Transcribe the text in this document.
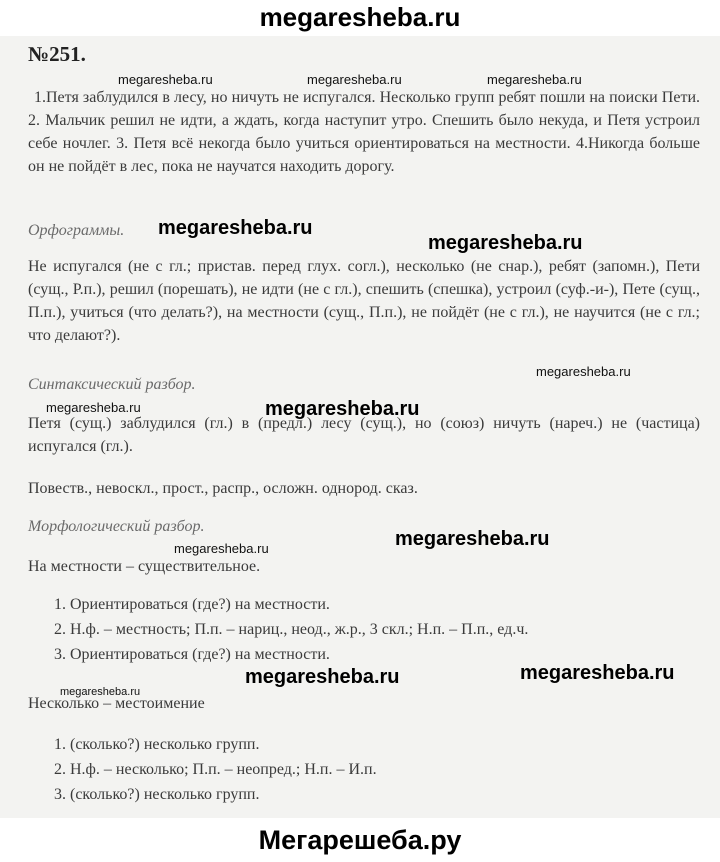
megaresheba.ru
№251.
1.Петя заблудился в лесу, но ничуть не испугался. Несколько групп ребят пошли на поиски Пети. 2. Мальчик решил не идти, а ждать, когда наступит утро. Спешить было некуда, и Петя устроил себе ночлег. 3. Петя всё некогда было учиться ориентироваться на местности. 4.Никогда больше он не пойдёт в лес, пока не научатся находить дорогу.
Орфограммы.
Не испугался (не с гл.; пристав. перед глух. согл.), несколько (не снар.), ребят (запомн.), Пети (сущ., Р.п.), решил (порешать), не идти (не с гл.), спешить (спешка), устроил (суф.-и-), Пете (сущ., П.п.), учиться (что делать?), на местности (сущ., П.п.), не пойдёт (не с гл.), не научится (не с гл.; что делают?).
Синтаксический разбор.
Петя (сущ.) заблудился (гл.) в (предл.) лесу (сущ.), но (союз) ничуть (нареч.) не (частица) испугался (гл.).
Повеств., невоскл., прост., распр., осложн. однород. сказ.
Морфологический разбор.
На местности – существительное.
1. Ориентироваться (где?) на местности.
2. Н.ф. – местность; П.п. – нариц., неод., ж.р., 3 скл.; Н.п. – П.п., ед.ч.
3. Ориентироваться (где?) на местности.
Несколько – местоимение
1. (сколько?) несколько групп.
2. Н.ф. – несколько; П.п. – неопред.; Н.п. – И.п.
3. (сколько?) несколько групп.
megaresheba.ru	megaresheba.ru	megaresheba.ru
megaresheba.ru
megaresheba.ru
megaresheba.ru
megaresheba.ru	megaresheba.ru
megaresheba.ru
megaresheba.ru
megaresheba.ru
megaresheba.ru
megaresheba.ru
Мегарешеба.ру
